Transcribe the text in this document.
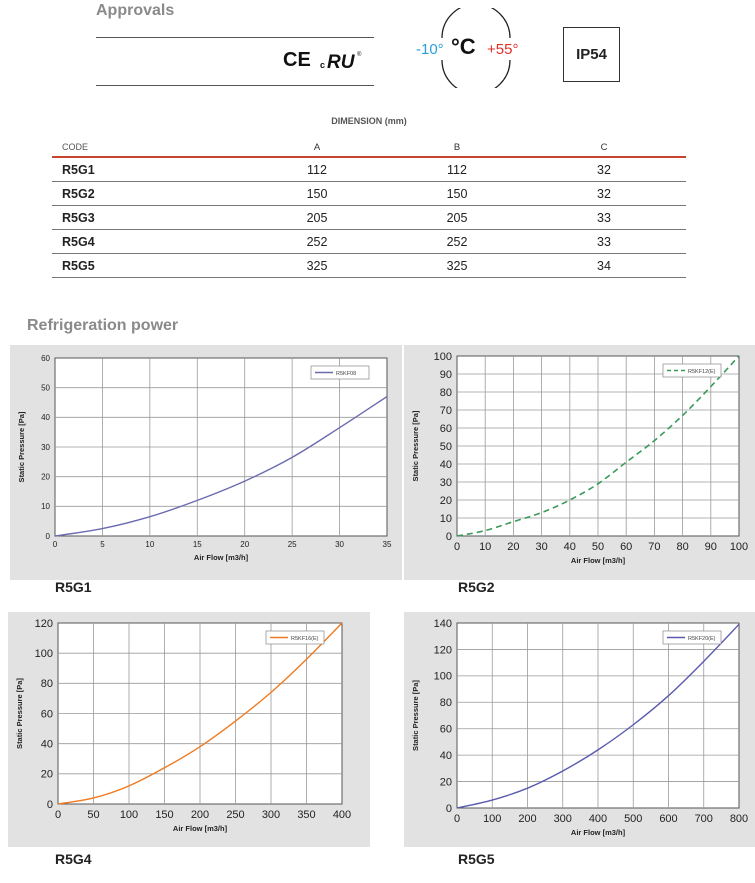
Approvals
CE c RU ®	-10° °C +55°	IP54
DIMENSION (mm)
CODE	A	B	C
R5G1	112	112	32
R5G2	150	150	32
R5G3	205	205	33
R5G4	252	252	33
R5G5	325	325	34
Refrigeration power
0	5	10	15	20	25	30	35
0
10
20
30
40
50
60
R5KF08
Air Flow [m3/h]
Static Pressure [Pa]
R5G1
0 10 20 30 40 50 60 70 80 90 100
0
10
20
30
40
50
60
70
80
90
100
R5KF12(E)
Air Flow [m3/h]
Static Pressure [Pa]
R5G2
0 50 100 150 200 250 300 350 400
0
20
40
60
80
100
120
R5KF16(E)
Air Flow [m3/h]
Static Pressure [Pa]
R5G4
0 100 200 300 400 500 600 700 800
0
20
40
60
80
100
120
140
R5KF20(E)
Air Flow [m3/h]
Static Pressure [Pa]
R5G5
